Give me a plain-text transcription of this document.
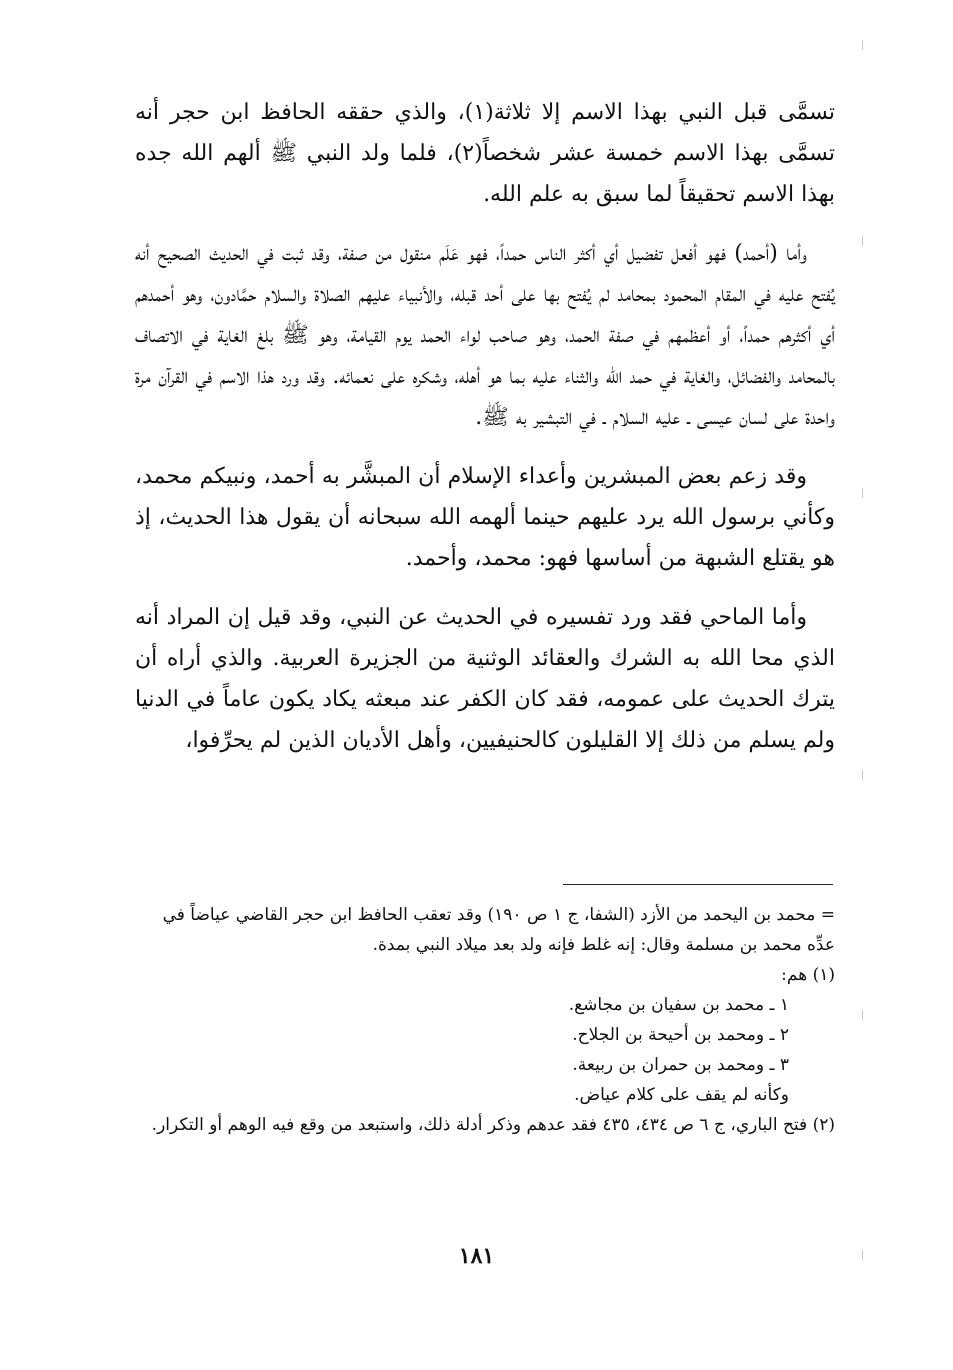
تسمَّى قبل النبي بهذا الاسم إلا ثلاثة(١)، والذي حققه الحافظ ابن حجر أنه تسمَّى بهذا الاسم خمسة عشر شخصاً(٢)، فلما ولد النبي ﷺ ألهم الله جده بهذا الاسم تحقيقاً لما سبق به علم الله.

وأما (أحمد) فهو أفعل تفضيل أي أكثر الناس حمداً، فهو عَلَم منقول من صفة، وقد ثبت في الحديث الصحيح أنه يُفتح عليه في المقام المحمود بمحامد لم يُفتح بها على أحد قبله، والأنبياء عليهم الصلاة والسلام حمَّادون، وهو أحمدهم أي أكثرهم حمداً، أو أعظمهم في صفة الحمد، وهو صاحب لواء الحمد يوم القيامة، وهو ﷺ بلغ الغاية في الاتصاف بالمحامد والفضائل، والغاية في حمد الله والثناء عليه بما هو أهله، وشكره على نعمائه. وقد ورد هذا الاسم في القرآن مرة واحدة على لسان عيسى ـ عليه السلام ـ في التبشير به ﷺ.

وقد زعم بعض المبشرين وأعداء الإسلام أن المبشَّر به أحمد، ونبيكم محمد، وكأني برسول الله يرد عليهم حينما ألهمه الله سبحانه أن يقول هذا الحديث، إذ هو يقتلع الشبهة من أساسها فهو: محمد، وأحمد.

وأما الماحي فقد ورد تفسيره في الحديث عن النبي، وقد قيل إن المراد أنه الذي محا الله به الشرك والعقائد الوثنية من الجزيرة العربية. والذي أراه أن يترك الحديث على عمومه، فقد كان الكفر عند مبعثه يكاد يكون عاماً في الدنيا ولم يسلم من ذلك إلا القليلون كالحنيفيين، وأهل الأديان الذين لم يحرِّفوا،

= محمد بن اليحمد من الأزد (الشفا، ج ١ ص ١٩٠) وقد تعقب الحافظ ابن حجر القاضي عياضاً في عدِّه محمد بن مسلمة وقال: إنه غلط فإنه ولد بعد ميلاد النبي بمدة.

(١) هم:

١ ـ محمد بن سفيان بن مجاشع.

٢ ـ ومحمد بن أحيحة بن الجلاح.

٣ ـ ومحمد بن حمران بن ربيعة.

وكأنه لم يقف على كلام عياض.

(٢) فتح الباري، ج ٦ ص ٤٣٤، ٤٣٥ فقد عدهم وذكر أدلة ذلك، واستبعد من وقع فيه الوهم أو التكرار.

١٨١
